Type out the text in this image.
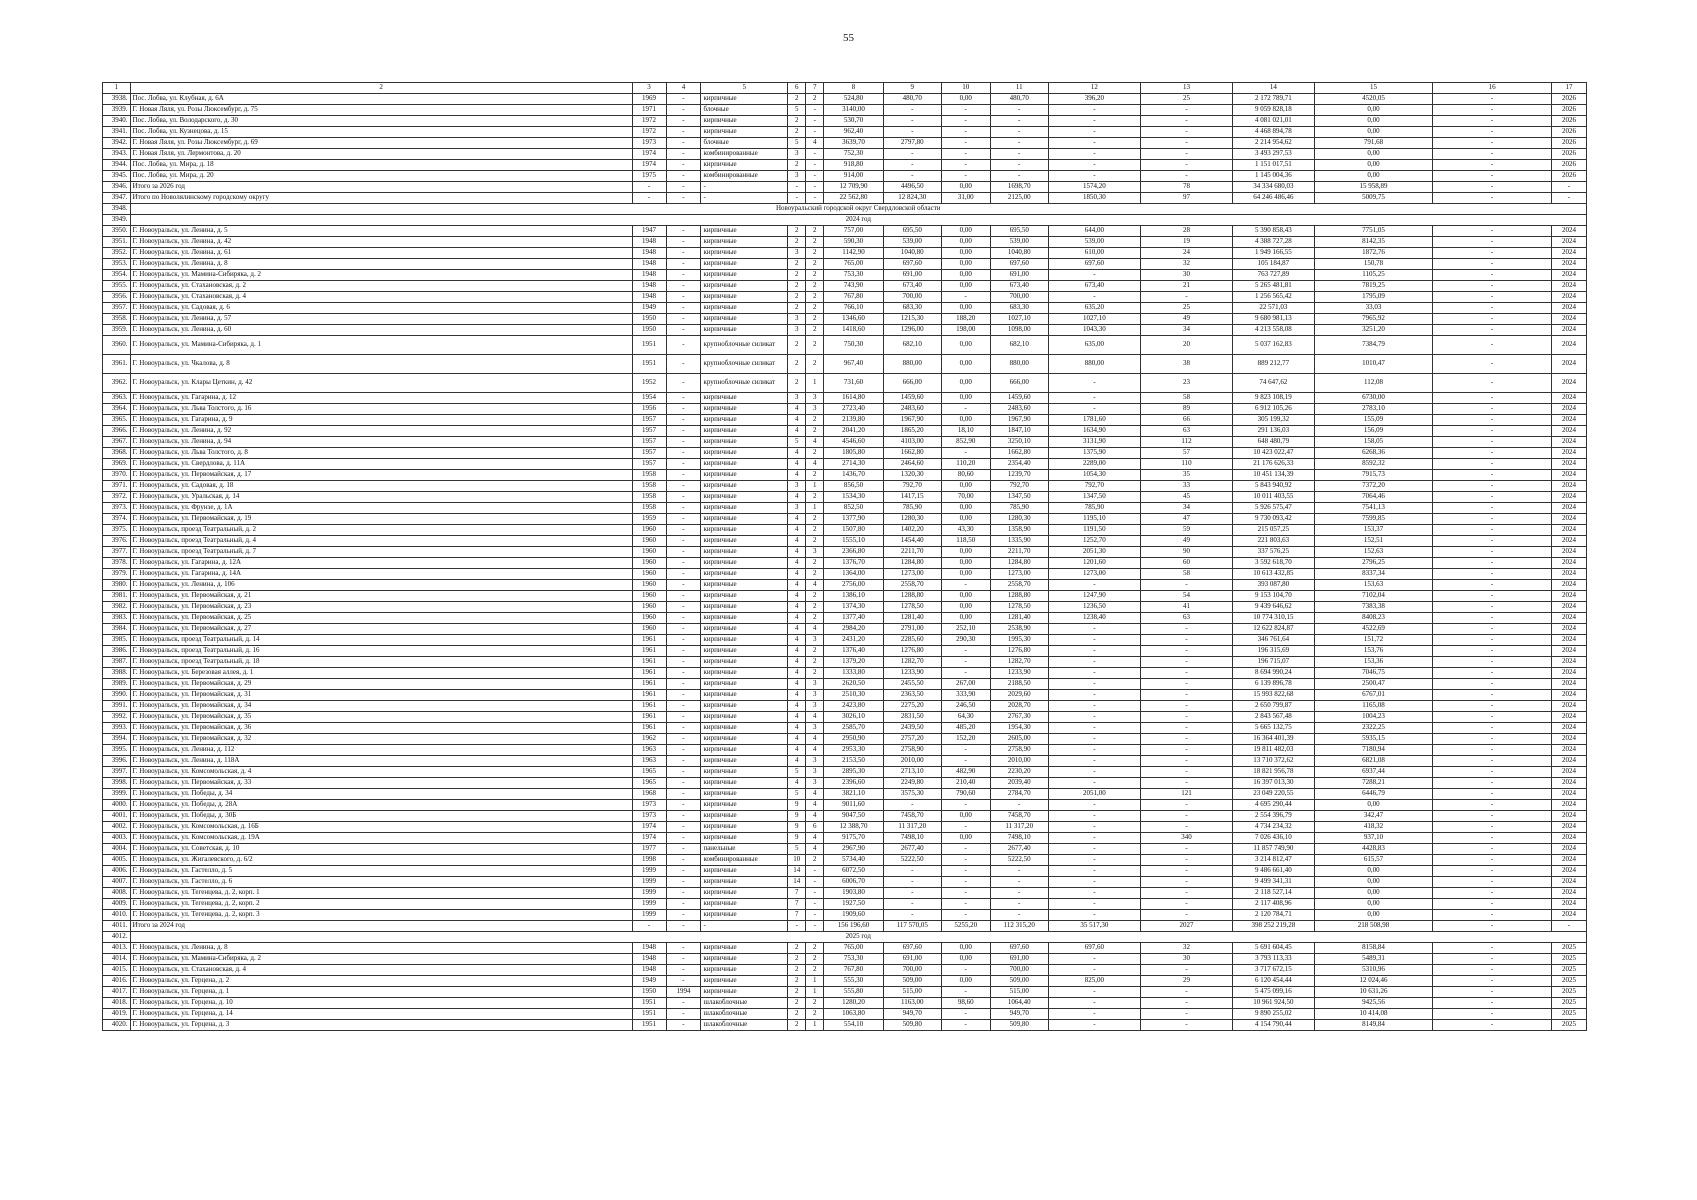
55
1	2	3	4	5	6	7	8	9	10	11	12	13	14	15	16	17
3938.	Пос. Лобва, ул. Клубная, д. 6А	1969	-	кирпичные	2	2	524,80	480,70	0,00	480,70	396,20	25	2 172 789,71	4520,05	-	2026
3939.	Г. Новая Ляля, ул. Розы Люксембург, д. 75	1971	-	блочные	5	-	3140,00	-	-	-	-	-	9 059 828,18	0,00	-	2026
3940.	Пос. Лобва, ул. Володарского, д. 30	1972	-	кирпичные	2	-	530,70	-	-	-	-	-	4 081 021,01	0,00	-	2026
3941.	Пос. Лобва, ул. Кузнецова, д. 15	1972	-	кирпичные	2	-	962,40	-	-	-	-	-	4 468 894,78	0,00	-	2026
3942.	Г. Новая Ляля, ул. Розы Люксембург, д. 69	1973	-	блочные	5	4	3639,70	2797,80	-	-	-	-	2 214 954,62	791,68	-	2026
3943.	Г. Новая Ляля, ул. Лермонтова, д. 20	1974	-	комбинированные	3	-	752,30	-	-	-	-	-	3 493 297,53	0,00	-	2026
3944.	Пос. Лобва, ул. Мира, д. 18	1974	-	кирпичные	2	-	918,80	-	-	-	-	-	1 151 017,51	0,00	-	2026
3945.	Пос. Лобва, ул. Мира, д. 20	1975	-	комбинированные	3	-	914,00	-	-	-	-	-	1 145 004,36	0,00	-	2026
3946.	Итого за 2026 год	-	-	-	-	-	12 709,90	4496,50	0,00	1698,70	1574,20	78	34 334 680,03	15 958,89	-	-
3947.	Итого по Новолялинскому городскому округу	-	-	-	-	-	22 562,80	12 824,30	31,00	2125,00	1850,30	97	64 246 486,46	5009,75	-	-
3948.	Новоуральский городской округ Свердловской области															
3949.	2024 год															
3950.	Г. Новоуральск, ул. Ленина, д. 5	1947	-	кирпичные	2	2	757,00	695,50	0,00	695,50	644,00	28	5 390 858,43	7751,05	-	2024
3951.	Г. Новоуральск, ул. Ленина, д. 42	1948	-	кирпичные	2	2	590,30	539,00	0,00	539,00	539,00	19	4 388 727,28	8142,35	-	2024
3952.	Г. Новоуральск, ул. Ленина, д. 61	1948	-	кирпичные	3	2	1142,90	1040,80	0,00	1040,80	610,00	24	1 949 166,55	1872,76	-	2024
3953.	Г. Новоуральск, ул. Ленина, д. 8	1948	-	кирпичные	2	2	765,00	697,60	0,00	697,60	697,60	32	105 184,87	150,78	-	2024
3954.	Г. Новоуральск, ул. Мамина-Сибиряка, д. 2	1948	-	кирпичные	2	2	753,30	691,00	0,00	691,00	-	30	763 727,89	1105,25	-	2024
3955.	Г. Новоуральск, ул. Стахановская, д. 2	1948	-	кирпичные	2	2	743,90	673,40	0,00	673,40	673,40	21	5 265 481,81	7819,25	-	2024
3956.	Г. Новоуральск, ул. Стахановская, д. 4	1948	-	кирпичные	2	2	767,80	700,00	-	700,00	-	-	1 256 565,42	1795,09	-	2024
3957.	Г. Новоуральск, ул. Садовая, д. 6	1949	-	кирпичные	2	2	766,10	683,30	0,00	683,30	635,20	25	22 571,03	33,03	-	2024
3958.	Г. Новоуральск, ул. Ленина, д. 57	1950	-	кирпичные	3	2	1346,60	1215,30	188,20	1027,10	1027,10	49	9 680 981,13	7965,92	-	2024
3959.	Г. Новоуральск, ул. Ленина, д. 60	1950	-	кирпичные	3	2	1418,60	1296,00	198,00	1098,00	1043,30	34	4 213 558,08	3251,20	-	2024
3960.	Г. Новоуральск, ул. Мамина-Сибиряка, д. 1	1951	-	крупноблочные силикат	2	2	750,30	682,10	0,00	682,10	635,00	20	5 037 162,83	7384,79	-	2024
3961.	Г. Новоуральск, ул. Чкалова, д. 8	1951	-	крупноблочные силикат	2	2	967,40	880,00	0,00	880,00	880,00	38	889 212,77	1010,47	-	2024
3962.	Г. Новоуральск, ул. Клары Цеткин, д. 42	1952	-	крупноблочные силикат	2	1	731,60	666,00	0,00	666,00	-	23	74 647,62	112,08	-	2024
3963.	Г. Новоуральск, ул. Гагарина, д. 12	1954	-	кирпичные	3	3	1614,80	1459,60	0,00	1459,60	-	58	9 823 108,19	6730,00	-	2024
3964.	Г. Новоуральск, ул. Льва Толстого, д. 16	1956	-	кирпичные	4	3	2723,40	2483,60	-	2483,60	-	89	6 912 105,26	2783,10	-	2024
3965.	Г. Новоуральск, ул. Гагарина, д. 9	1957	-	кирпичные	4	2	2139,80	1967,90	0,00	1967,90	1781,60	66	305 199,32	155,09	-	2024
3966.	Г. Новоуральск, ул. Ленина, д. 92	1957	-	кирпичные	4	2	2041,20	1865,20	18,10	1847,10	1634,90	63	291 136,03	156,09	-	2024
3967.	Г. Новоуральск, ул. Ленина, д. 94	1957	-	кирпичные	5	4	4546,60	4103,00	852,90	3250,10	3131,90	112	648 480,79	158,05	-	2024
3968.	Г. Новоуральск, ул. Льва Толстого, д. 8	1957	-	кирпичные	4	2	1805,80	1662,80	-	1662,80	1375,90	57	10 423 022,47	6268,36	-	2024
3969.	Г. Новоуральск, ул. Свердлова, д. 11А	1957	-	кирпичные	4	4	2714,30	2464,60	110,20	2354,40	2289,00	110	21 176 626,33	8592,32	-	2024
3970.	Г. Новоуральск, ул. Первомайская, д. 17	1958	-	кирпичные	4	2	1436,70	1320,30	80,60	1239,70	1054,30	35	10 451 134,39	7915,73	-	2024
3971.	Г. Новоуральск, ул. Садовая, д. 18	1958	-	кирпичные	3	1	856,50	792,70	0,00	792,70	792,70	33	5 843 940,92	7372,20	-	2024
3972.	Г. Новоуральск, ул. Уральская, д. 14	1958	-	кирпичные	4	2	1534,30	1417,15	70,00	1347,50	1347,50	45	10 011 403,55	7064,46	-	2024
3973.	Г. Новоуральск, ул. Фрунзе, д. 1А	1958	-	кирпичные	3	1	852,50	785,90	0,00	785,90	785,90	34	5 926 575,47	7541,13	-	2024
3974.	Г. Новоуральск, ул. Первомайская, д. 19	1959	-	кирпичные	4	2	1377,90	1280,30	0,00	1280,30	1195,10	47	9 730 093,42	7599,85	-	2024
3975.	Г. Новоуральск, проезд Театральный, д. 2	1960	-	кирпичные	4	2	1507,80	1402,20	43,30	1358,90	1191,50	59	215 057,25	153,37	-	2024
3976.	Г. Новоуральск, проезд Театральный, д. 4	1960	-	кирпичные	4	2	1555,10	1454,40	118,50	1335,90	1252,70	49	221 803,63	152,51	-	2024
3977.	Г. Новоуральск, проезд Театральный, д. 7	1960	-	кирпичные	4	3	2366,80	2211,70	0,00	2211,70	2051,30	90	337 576,25	152,63	-	2024
3978.	Г. Новоуральск, ул. Гагарина, д. 12А	1960	-	кирпичные	4	2	1376,70	1284,80	0,00	1284,80	1201,60	60	3 592 618,70	2796,25	-	2024
3979.	Г. Новоуральск, ул. Гагарина, д. 14А	1960	-	кирпичные	4	2	1364,00	1273,00	0,00	1273,00	1273,00	58	10 613 432,85	8337,34	-	2024
3980.	Г. Новоуральск, ул. Ленина, д. 106	1960	-	кирпичные	4	4	2756,00	2558,70	-	2558,70	-	-	393 087,80	153,63	-	2024
3981.	Г. Новоуральск, ул. Первомайская, д. 21	1960	-	кирпичные	4	2	1386,10	1288,80	0,00	1288,80	1247,90	54	9 153 104,70	7102,04	-	2024
3982.	Г. Новоуральск, ул. Первомайская, д. 23	1960	-	кирпичные	4	2	1374,30	1278,50	0,00	1278,50	1236,50	41	9 439 646,62	7383,38	-	2024
3983.	Г. Новоуральск, ул. Первомайская, д. 25	1960	-	кирпичные	4	2	1377,40	1281,40	0,00	1281,40	1238,40	63	10 774 310,15	8408,23	-	2024
3984.	Г. Новоуральск, ул. Первомайская, д. 27	1960	-	кирпичные	4	4	2984,20	2791,00	252,10	2538,90	-	-	12 622 824,87	4522,69	-	2024
3985.	Г. Новоуральск, проезд Театральный, д. 14	1961	-	кирпичные	4	3	2431,20	2285,60	290,30	1995,30	-	-	346 761,64	151,72	-	2024
3986.	Г. Новоуральск, проезд Театральный, д. 16	1961	-	кирпичные	4	2	1376,40	1276,80	-	1276,80	-	-	196 315,69	153,76	-	2024
3987.	Г. Новоуральск, проезд Театральный, д. 18	1961	-	кирпичные	4	2	1379,20	1282,70	-	1282,70	-	-	196 715,07	153,36	-	2024
3988.	Г. Новоуральск, ул. Березовая аллея, д. 1	1961	-	кирпичные	4	2	1333,80	1233,90	-	1233,90	-	-	8 694 990,24	7046,75	-	2024
3989.	Г. Новоуральск, ул. Первомайская, д. 29	1961	-	кирпичные	4	3	2620,50	2455,50	267,00	2188,50	-	-	6 139 896,78	2500,47	-	2024
3990.	Г. Новоуральск, ул. Первомайская, д. 31	1961	-	кирпичные	4	3	2510,30	2363,50	333,90	2029,60	-	-	15 993 822,68	6767,01	-	2024
3991.	Г. Новоуральск, ул. Первомайская, д. 34	1961	-	кирпичные	4	3	2423,80	2275,20	246,50	2028,70	-	-	2 650 799,87	1165,08	-	2024
3992.	Г. Новоуральск, ул. Первомайская, д. 35	1961	-	кирпичные	4	4	3026,10	2831,50	64,30	2767,30	-	-	2 843 567,48	1004,23	-	2024
3993.	Г. Новоуральск, ул. Первомайская, д. 36	1961	-	кирпичные	4	3	2585,70	2439,50	485,20	1954,30	-	-	5 665 132,75	2322,25	-	2024
3994.	Г. Новоуральск, ул. Первомайская, д. 32	1962	-	кирпичные	4	4	2950,90	2757,20	152,20	2605,00	-	-	16 364 401,39	5935,15	-	2024
3995.	Г. Новоуральск, ул. Ленина, д. 112	1963	-	кирпичные	4	4	2953,30	2758,90	-	2758,90	-	-	19 811 482,03	7180,94	-	2024
3996.	Г. Новоуральск, ул. Ленина, д. 118А	1963	-	кирпичные	4	3	2153,50	2010,00	-	2010,00	-	-	13 710 372,62	6821,08	-	2024
3997.	Г. Новоуральск, ул. Комсомольская, д. 4	1965	-	кирпичные	5	3	2895,30	2713,10	482,90	2230,20	-	-	18 821 956,78	6937,44	-	2024
3998.	Г. Новоуральск, ул. Первомайская, д. 33	1965	-	кирпичные	4	3	2396,60	2249,80	210,40	2039,40	-	-	16 397 013,30	7288,21	-	2024
3999.	Г. Новоуральск, ул. Победы, д. 34	1968	-	кирпичные	5	4	3821,10	3575,30	790,60	2784,70	2051,00	121	23 049 220,55	6446,79	-	2024
4000.	Г. Новоуральск, ул. Победы, д. 28А	1973	-	кирпичные	9	4	9011,60	-	-	-	-	-	4 695 290,44	0,00	-	2024
4001.	Г. Новоуральск, ул. Победы, д. 30Б	1973	-	кирпичные	9	4	9047,50	7458,70	0,00	7458,70	-	-	2 554 396,79	342,47	-	2024
4002.	Г. Новоуральск, ул. Комсомольская, д. 16Б	1974	-	кирпичные	9	6	12 388,70	11 317,20	-	11 317,20	-	-	4 734 234,32	418,32	-	2024
4003.	Г. Новоуральск, ул. Комсомольская, д. 19А	1974	-	кирпичные	9	4	9175,70	7498,10	0,00	7498,10	-	340	7 026 436,10	937,10	-	2024
4004.	Г. Новоуральск, ул. Советская, д. 10	1977	-	панельные	5	4	2967,90	2677,40	-	2677,40	-	-	11 857 749,90	4428,83	-	2024
4005.	Г. Новоуральск, ул. Жигалевского, д. 6/2	1998	-	комбинированные	10	2	5734,40	5222,50	-	5222,50	-	-	3 214 812,47	615,57	-	2024
4006.	Г. Новоуральск, ул. Гастелло, д. 5	1999	-	кирпичные	14	-	6072,50	-	-	-	-	-	9 486 661,40	0,00	-	2024
4007.	Г. Новоуральск, ул. Гастелло, д. 6	1999	-	кирпичные	14	-	6006,70	-	-	-	-	-	9 499 341,31	0,00	-	2024
4008.	Г. Новоуральск, ул. Тегенцева, д. 2, корп. 1	1999	-	кирпичные	7	-	1903,80	-	-	-	-	-	2 118 527,14	0,00	-	2024
4009.	Г. Новоуральск, ул. Тегенцева, д. 2, корп. 2	1999	-	кирпичные	7	-	1927,50	-	-	-	-	-	2 117 408,96	0,00	-	2024
4010.	Г. Новоуральск, ул. Тегенцева, д. 2, корп. 3	1999	-	кирпичные	7	-	1909,60	-	-	-	-	-	2 120 784,71	0,00	-	2024
4011.	Итого за 2024 год	-	-	-	-	-	156 196,60	117 570,05	5255,20	112 315,20	35 517,30	2027	398 252 219,28	218 508,98	-	-
4012.	2025 год															
4013.	Г. Новоуральск, ул. Ленина, д. 8	1948	-	кирпичные	2	2	765,00	697,60	0,00	697,60	697,60	32	5 691 604,45	8158,84	-	2025
4014.	Г. Новоуральск, ул. Мамина-Сибиряка, д. 2	1948	-	кирпичные	2	2	753,30	691,00	0,00	691,00	-	30	3 793 113,33	5489,31	-	2025
4015.	Г. Новоуральск, ул. Стахановская, д. 4	1948	-	кирпичные	2	2	767,80	700,00	-	700,00	-	-	3 717 672,15	5310,96	-	2025
4016.	Г. Новоуральск, ул. Герцена, д. 2	1949	-	кирпичные	2	1	555,30	509,00	0,00	509,00	825,00	29	6 120 454,44	12 024,46	-	2025
4017.	Г. Новоуральск, ул. Герцена, д. 1	1950	1994	кирпичные	2	1	555,80	515,00	-	515,00	-	-	5 475 099,16	10 631,26	-	2025
4018.	Г. Новоуральск, ул. Герцена, д. 10	1951	-	шлакоблочные	2	2	1280,20	1163,00	98,60	1064,40	-	-	10 961 924,50	9425,56	-	2025
4019.	Г. Новоуральск, ул. Герцена, д. 14	1951	-	шлакоблочные	2	2	1063,80	949,70	-	949,70	-	-	9 890 255,02	10 414,08	-	2025
4020.	Г. Новоуральск, ул. Герцена, д. 3	1951	-	шлакоблочные	2	1	554,10	509,80	-	509,80	-	-	4 154 790,44	8149,84	-	2025
